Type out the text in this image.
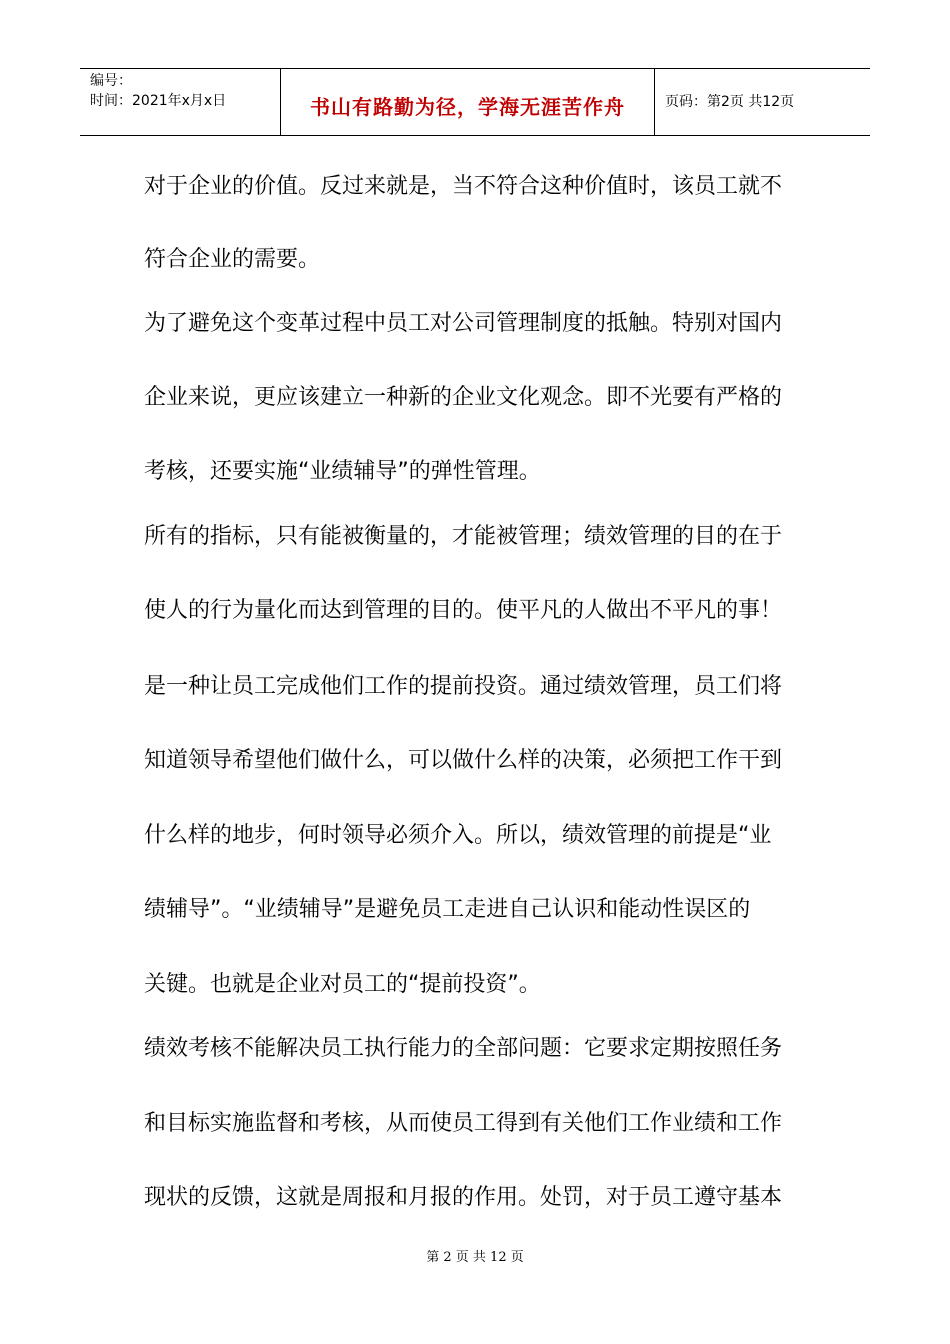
编号：
时间：2021年x月x日	书山有路勤为径，学海无涯苦作舟	页码：第2页 共12页
对于企业的价值。反过来就是，当不符合这种价值时，该员工就不
符合企业的需要。
为了避免这个变革过程中员工对公司管理制度的抵触。特别对国内
企业来说，更应该建立一种新的企业文化观念。即不光要有严格的
考核，还要实施“业绩辅导”的弹性管理。
所有的指标，只有能被衡量的，才能被管理；绩效管理的目的在于
使人的行为量化而达到管理的目的。使平凡的人做出不平凡的事！
是一种让员工完成他们工作的提前投资。通过绩效管理，员工们将
知道领导希望他们做什么，可以做什么样的决策，必须把工作干到
什么样的地步，何时领导必须介入。所以，绩效管理的前提是“业
绩辅导”。“业绩辅导”是避免员工走进自己认识和能动性误区的
关键。也就是企业对员工的“提前投资”。
绩效考核不能解决员工执行能力的全部问题：它要求定期按照任务
和目标实施监督和考核，从而使员工得到有关他们工作业绩和工作
现状的反馈，这就是周报和月报的作用。处罚，对于员工遵守基本
第 2 页 共 12 页
